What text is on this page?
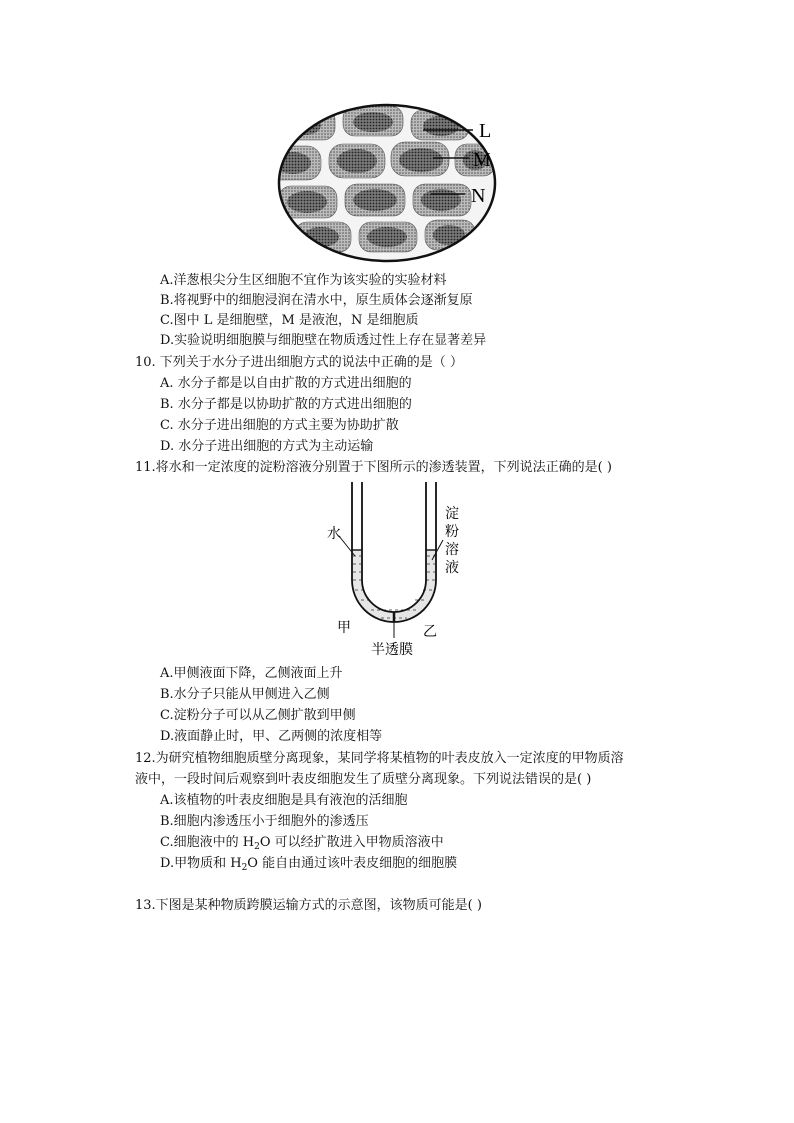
L
M
N
A.洋葱根尖分生区细胞不宜作为该实验的实验材料
B.将视野中的细胞浸润在清水中，原生质体会逐渐复原
C.图中 L 是细胞壁，M 是液泡，N 是细胞质
D.实验说明细胞膜与细胞壁在物质透过性上存在显著差异
10. 下列关于水分子进出细胞方式的说法中正确的是（ ）
A. 水分子都是以自由扩散的方式进出细胞的
B. 水分子都是以协助扩散的方式进出细胞的
C. 水分子进出细胞的方式主要为协助扩散
D. 水分子进出细胞的方式为主动运输
11.将水和一定浓度的淀粉溶液分别置于下图所示的渗透装置，下列说法正确的是( )
水
淀
粉
溶
液
甲	乙
半透膜
A.甲侧液面下降，乙侧液面上升
B.水分子只能从甲侧进入乙侧
C.淀粉分子可以从乙侧扩散到甲侧
D.液面静止时，甲、乙两侧的浓度相等
12.为研究植物细胞质壁分离现象，某同学将某植物的叶表皮放入一定浓度的甲物质溶
液中，一段时间后观察到叶表皮细胞发生了质壁分离现象。下列说法错误的是( )
A.该植物的叶表皮细胞是具有液泡的活细胞
B.细胞内渗透压小于细胞外的渗透压
C.细胞液中的 $H_2O$ 可以经扩散进入甲物质溶液中
D.甲物质和 $H_2O$ 能自由通过该叶表皮细胞的细胞膜
13.下图是某种物质跨膜运输方式的示意图，该物质可能是( )
